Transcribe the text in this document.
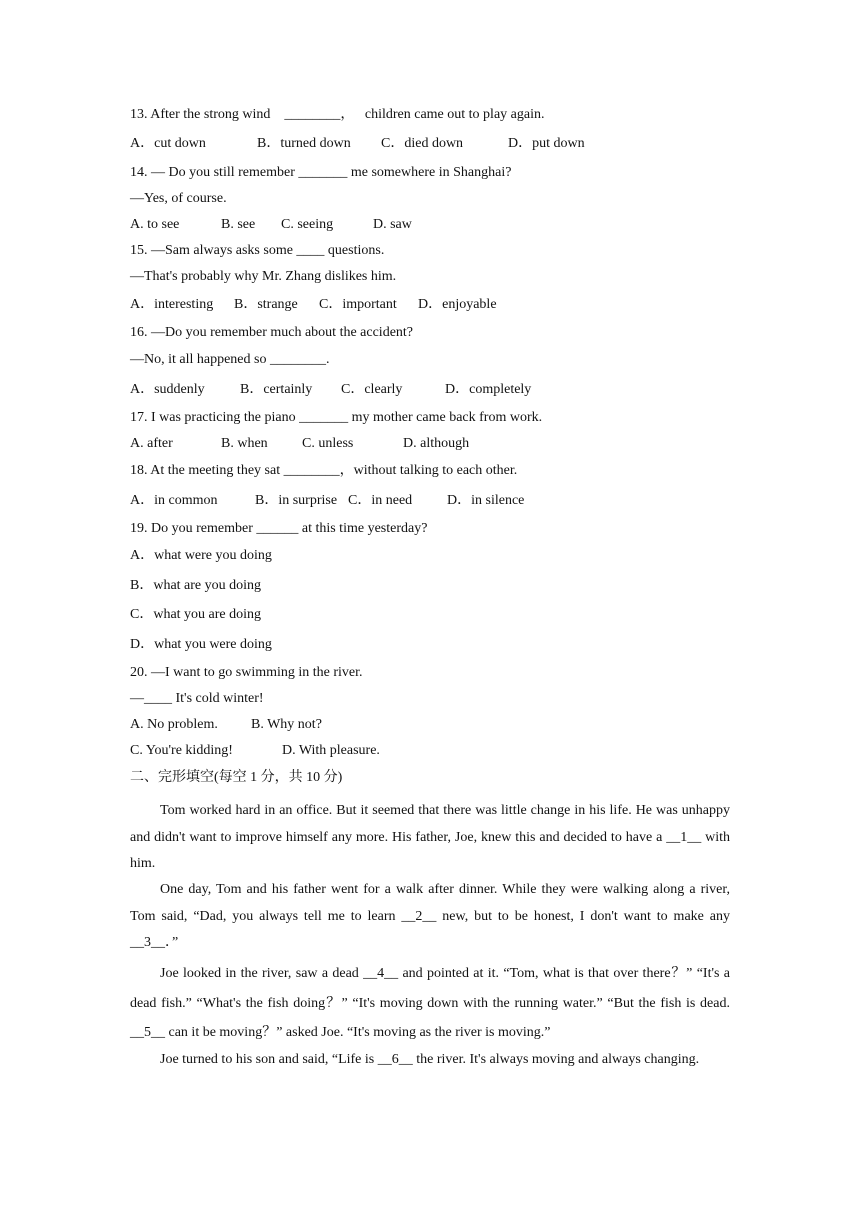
13. After the strong wind    ________，   children came out to play again.

A．cut down	B．turned down C．died down	D．put down

14. — Do you still remember _______ me somewhere in Shanghai?

—Yes, of course.

A. to see	B. see C. seeing	D. saw

15. —Sam always asks some ____ questions.

—That's probably why Mr. Zhang dislikes him.

A．interesting B．strange C．important D．enjoyable

16. —Do you remember much about the accident?

—No, it all happened so ________.

A．suddenly	B．certainly C．clearly	D．completely

17. I was practicing the piano _______ my mother came back from work.

A. after	B. when C. unless	D. although

18. At the meeting they sat ________，without talking to each other.

A．in common	B．in surprise C．in need D．in silence

19. Do you remember ______ at this time yesterday?

A．what were you doing

B．what are you doing

C．what you are doing

D．what you were doing

20. —I want to go swimming in the river.

—____ It's cold winter!

A. No problem. B. Why not?

C. You're kidding!	D. With pleasure.

二、完形填空(每空 1 分，共 10 分)

Tom worked hard in an office. But it seemed that there was little change in his life. He was unhappy and didn't want to improve himself any more. His father, Joe, knew this and decided to have a __1__ with him.

One day, Tom and his father went for a walk after dinner. While they were walking along a river, Tom said, “Dad, you always tell me to learn __2__ new, but to be honest, I don't want to make any __3__．”

Joe looked in the river, saw a dead __4__ and pointed at it. “Tom, what is that over there？” “It's a dead fish.” “What's the fish doing？” “It's moving down with the running water.” “But the fish is dead. __5__ can it be moving？” asked Joe. “It's moving as the river is moving.”

Joe turned to his son and said, “Life is __6__ the river. It's always moving and always changing.
